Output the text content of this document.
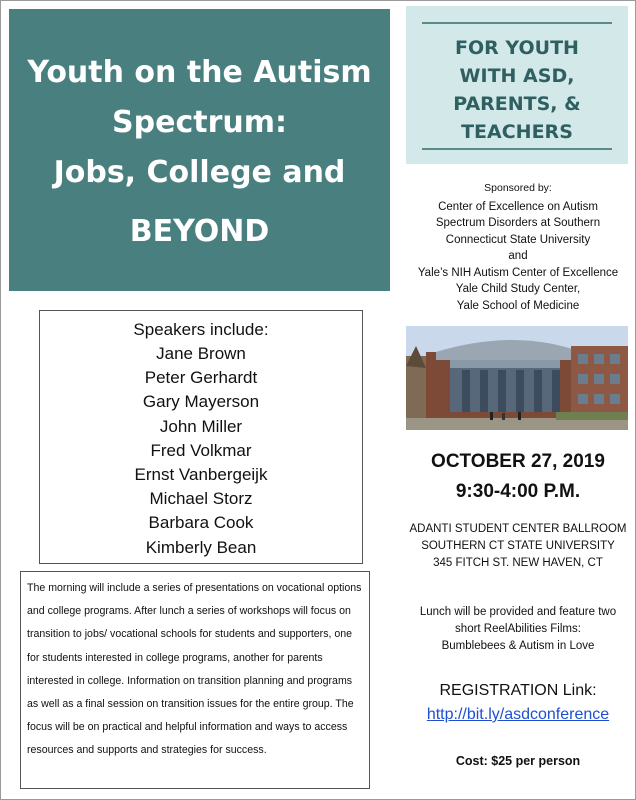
Youth on the Autism
Spectrum:
Jobs, College and
BEYOND
FOR YOUTH
WITH ASD,
PARENTS, &
TEACHERS
Sponsored by:
Center of Excellence on Autism
Spectrum Disorders at Southern
Connecticut State University
and
Yale’s NIH Autism Center of Excellence
Yale Child Study Center,
Yale School of Medicine
Speakers include:
Jane Brown
Peter Gerhardt
Gary Mayerson
John Miller
Fred Volkmar
Ernst Vanbergeijk
Michael Storz
Barbara Cook
Kimberly Bean
OCTOBER 27, 2019
9:30-4:00 P.M.
ADANTI STUDENT CENTER BALLROOM
SOUTHERN CT STATE UNIVERSITY
345 FITCH ST. NEW HAVEN, CT
Lunch will be provided and feature two
short ReelAbilities Films:
Bumblebees & Autism in Love
REGISTRATION Link:
http://bit.ly/asdconference
Cost: $25 per person

The morning will include a series of presentations on vocational options and college programs. After lunch a series of workshops will focus on transition to jobs/ vocational schools for students and supporters, one for students interested in college programs, another for parents interested in college. Information on transition planning and programs as well as a final session on transition issues for the entire group. The focus will be on practical and helpful information and ways to access resources and supports and strategies for success.
